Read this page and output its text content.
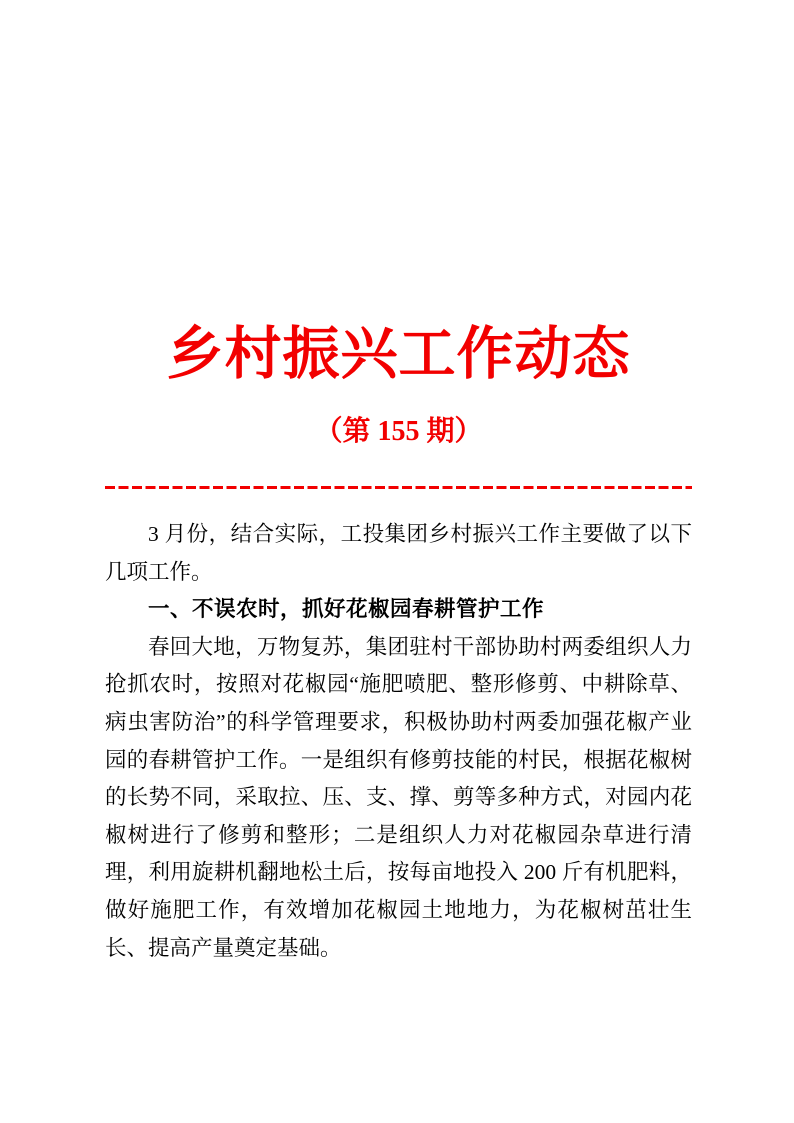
乡村振兴工作动态
（第 155 期）

3 月份，结合实际，工投集团乡村振兴工作主要做了以下几项工作。

一、不误农时，抓好花椒园春耕管护工作

春回大地，万物复苏，集团驻村干部协助村两委组织人力抢抓农时，按照对花椒园“施肥喷肥、整形修剪、中耕除草、病虫害防治”的科学管理要求，积极协助村两委加强花椒产业园的春耕管护工作。一是组织有修剪技能的村民，根据花椒树的长势不同，采取拉、压、支、撑、剪等多种方式，对园内花椒树进行了修剪和整形；二是组织人力对花椒园杂草进行清理，利用旋耕机翻地松土后，按每亩地投入 200 斤有机肥料，做好施肥工作，有效增加花椒园土地地力，为花椒树茁壮生长、提高产量奠定基础。
